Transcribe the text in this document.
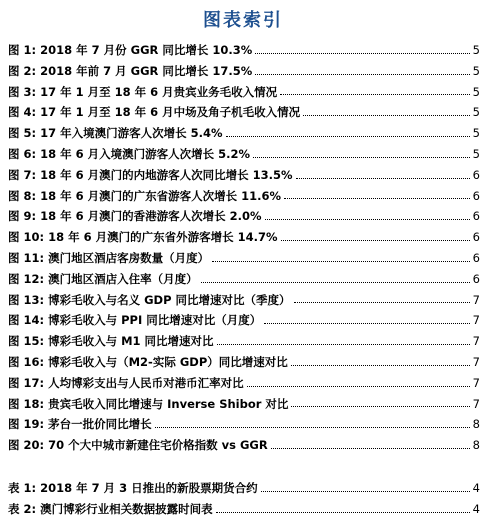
图表索引
图 1: 2018 年 7 月份 GGR 同比增长 10.3%	5
图 2: 2018 年前 7 月 GGR 同比增长 17.5%	5
图 3: 17 年 1 月至 18 年 6 月贵宾业务毛收入情况	5
图 4: 17 年 1 月至 18 年 6 月中场及角子机毛收入情况	5
图 5: 17 年入境澳门游客人次增长 5.4%	5
图 6: 18 年 6 月入境澳门游客人次增长 5.2%	5
图 7: 18 年 6 月澳门的内地游客人次同比增长 13.5%	6
图 8: 18 年 6 月澳门的广东省游客人次增长 11.6%	6
图 9: 18 年 6 月澳门的香港游客人次增长 2.0%	6
图 10: 18 年 6 月澳门的广东省外游客增长 14.7%	6
图 11: 澳门地区酒店客房数量（月度）	6
图 12: 澳门地区酒店入住率（月度）	6
图 13: 博彩毛收入与名义 GDP 同比增速对比（季度）	7
图 14: 博彩毛收入与 PPI 同比增速对比（月度）	7
图 15: 博彩毛收入与 M1 同比增速对比	7
图 16: 博彩毛收入与（M2-实际 GDP）同比增速对比	7
图 17: 人均博彩支出与人民币对港币汇率对比	7
图 18: 贵宾毛收入同比增速与 Inverse Shibor 对比	7
图 19: 茅台一批价同比增长	8
图 20: 70 个大中城市新建住宅价格指数 vs GGR	8
表 1: 2018 年 7 月 3 日推出的新股票期货合约	4
表 2: 澳门博彩行业相关数据披露时间表	4
